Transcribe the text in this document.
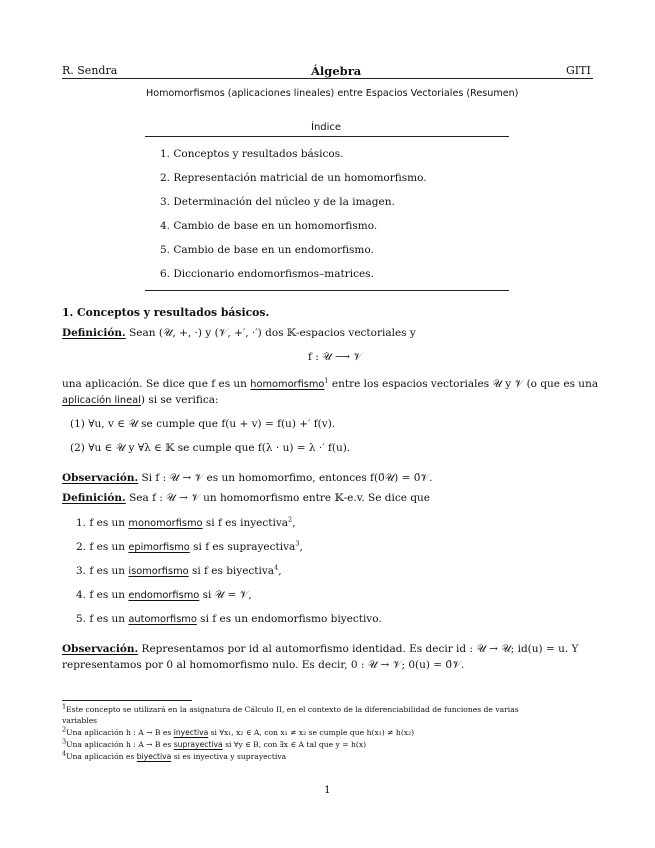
R. Sendra	Álgebra	GITI
Homomorfismos (aplicaciones lineales) entre Espacios Vectoriales (Resumen)
Índice
1. Conceptos y resultados básicos.
2. Representación matricial de un homomorfismo.
3. Determinación del núcleo y de la imagen.
4. Cambio de base en un homomorfismo.
5. Cambio de base en un endomorfismo.
6. Diccionario endomorfismos–matrices.
1. Conceptos y resultados básicos.
Definición. Sean (𝒰, +, ·) y (𝒱, +′, ·′) dos 𝕂-espacios vectoriales y
f : 𝒰 ⟶ 𝒱
una aplicación. Se dice que f es un homomorfismo$^1$ entre los espacios vectoriales 𝒰 y 𝒱 (o que es una
aplicación lineal) si se verifica:
(1) ∀u, v ∈ 𝒰 se cumple que f(u + v) = f(u) +′ f(v).
(2) ∀u ∈ 𝒰 y ∀λ ∈ 𝕂 se cumple que f(λ · u) = λ ·′ f(u).
Observación. Si f : 𝒰 → 𝒱 es un homomorfimo, entonces f(0̄𝒰) = 0̄𝒱.
Definición. Sea f : 𝒰 → 𝒱 un homomorfismo entre 𝕂-e.v. Se dice que
1. f es un monomorfismo si f es inyectiva$^2$,
2. f es un epimorfismo si f es suprayectiva$^3$,
3. f es un isomorfismo si f es biyectiva$^4$,
4. f es un endomorfismo si 𝒰 = 𝒱,
5. f es un automorfismo si f es un endomorfismo biyectivo.
Observación. Representamos por id al automorfismo identidad. Es decir id : 𝒰 → 𝒰; id(u) = u. Y
representamos por 0 al homomorfismo nulo. Es decir, 0 : 𝒰 → 𝒱; 0(u) = 0̄𝒱.
$^1$Este concepto se utilizará en la asignatura de Cálculo II, en el contexto de la diferenciabilidad de funciones de varias
variables
$^2$Una aplicación h : A → B es inyectiva si ∀x₁, x₂ ∈ A, con x₁ ≠ x₂ se cumple que h(x₁) ≠ h(x₂)
$^3$Una aplicación h : A → B es suprayectiva si ∀y ∈ B, con ∃x ∈ A tal que y = h(x)
$^4$Una aplicación es biyectiva si es inyectiva y suprayectiva
1
